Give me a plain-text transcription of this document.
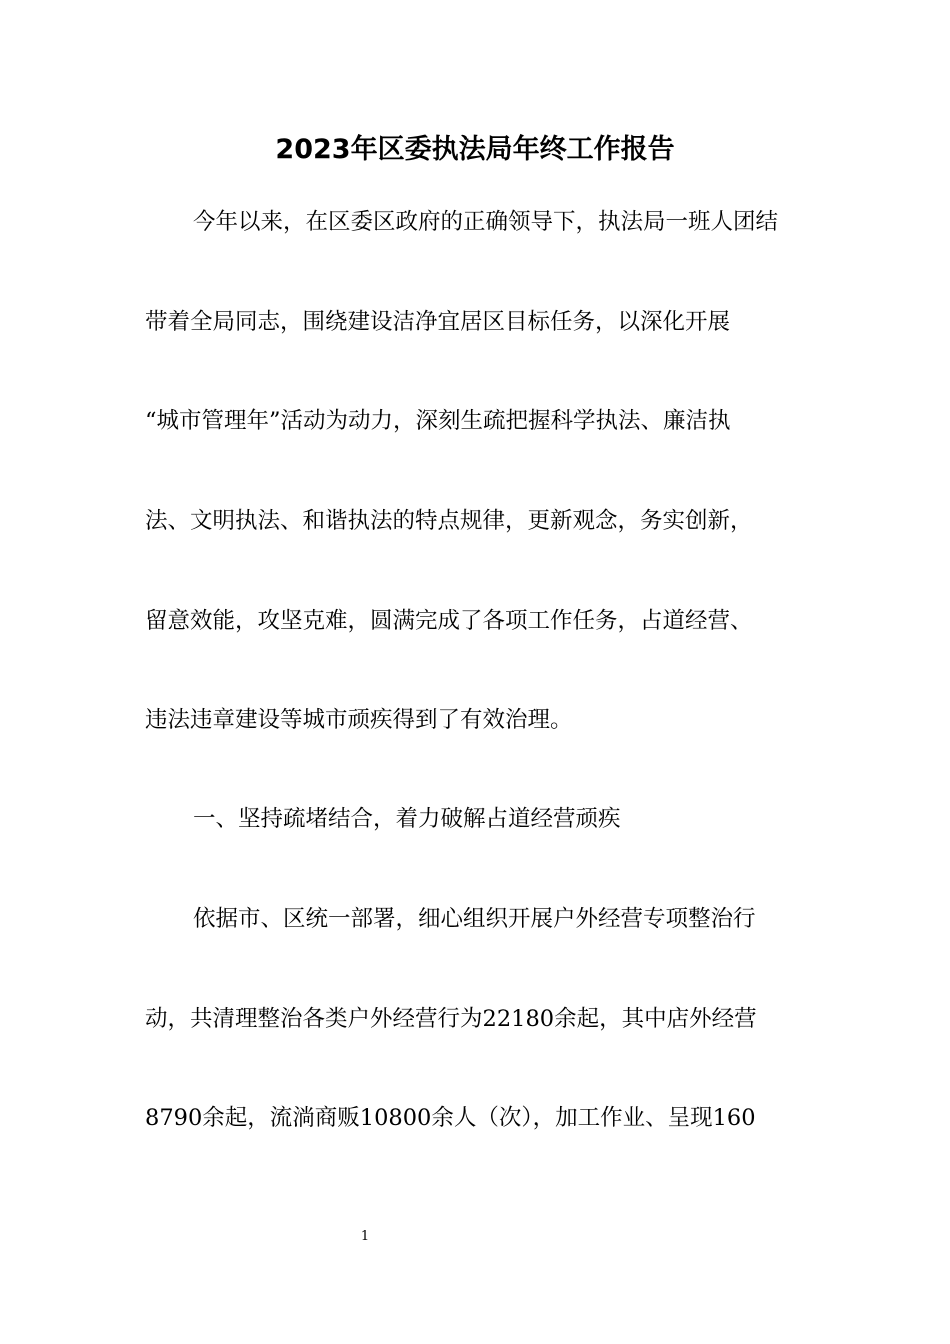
2023年区委执法局年终工作报告
今年以来，在区委区政府的正确领导下，执法局一班人团结
带着全局同志，围绕建设洁净宜居区目标任务，以深化开展
“城市管理年”活动为动力，深刻生疏把握科学执法、廉洁执
法、文明执法、和谐执法的特点规律，更新观念，务实创新，
留意效能，攻坚克难，圆满完成了各项工作任务，占道经营、
违法违章建设等城市顽疾得到了有效治理。
一、坚持疏堵结合，着力破解占道经营顽疾
依据市、区统一部署，细心组织开展户外经营专项整治行
动，共清理整治各类户外经营行为22180余起，其中店外经营
8790余起，流淌商贩10800余人（次），加工作业、呈现160
1
